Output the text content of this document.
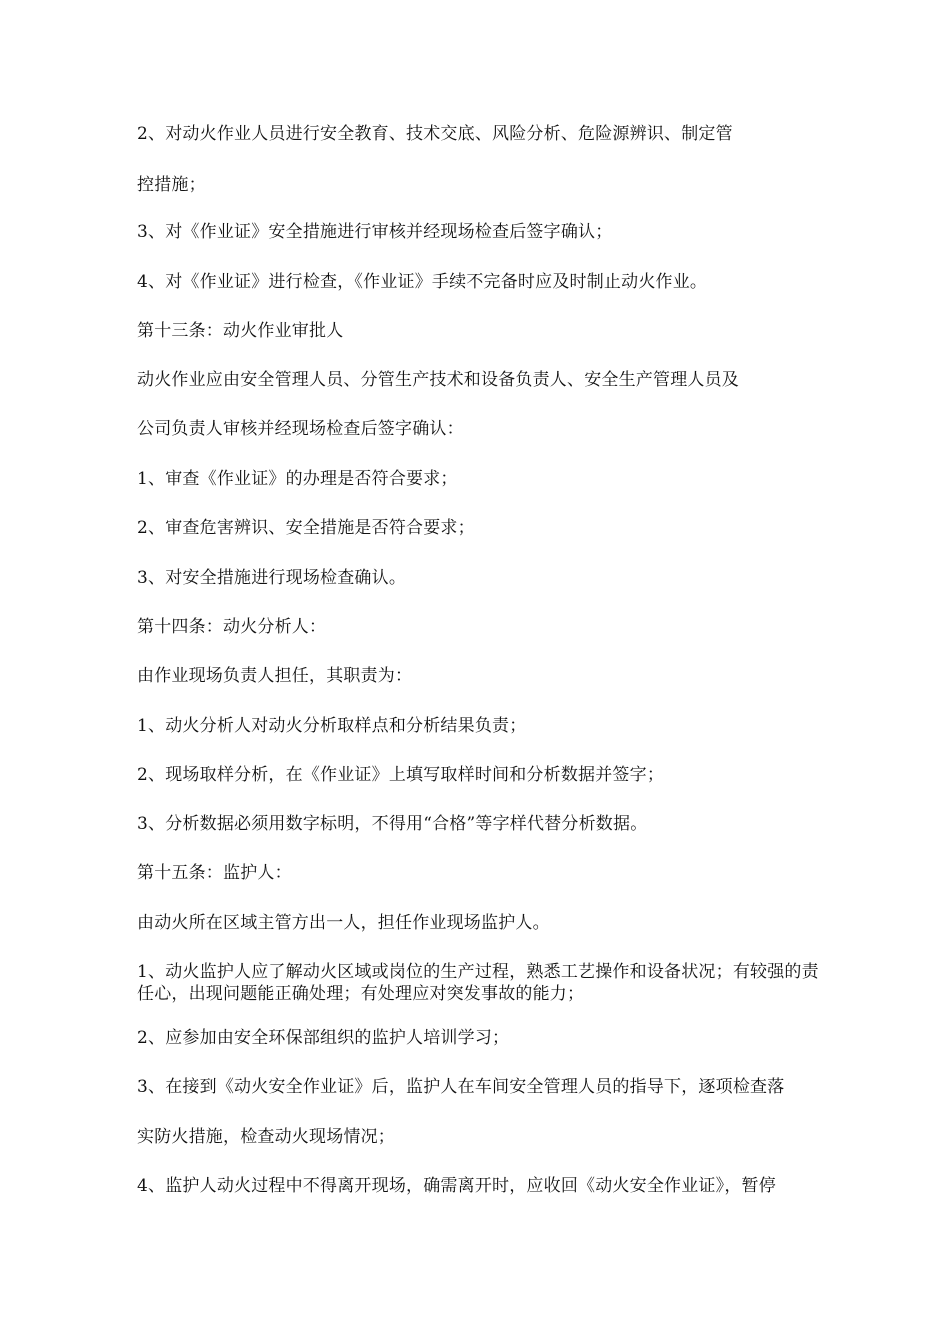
2、对动火作业人员进行安全教育、技术交底、风险分析、危险源辨识、制定管
控措施；
3、对《作业证》安全措施进行审核并经现场检查后签字确认；
4、对《作业证》进行检查，《作业证》手续不完备时应及时制止动火作业。
第十三条：动火作业审批人
动火作业应由安全管理人员、分管生产技术和设备负责人、安全生产管理人员及
公司负责人审核并经现场检查后签字确认：
1、审查《作业证》的办理是否符合要求；
2、审查危害辨识、安全措施是否符合要求；
3、对安全措施进行现场检查确认。
第十四条：动火分析人：
由作业现场负责人担任，其职责为：
1、动火分析人对动火分析取样点和分析结果负责；
2、现场取样分析，在《作业证》上填写取样时间和分析数据并签字；
3、分析数据必须用数字标明，不得用“合格”等字样代替分析数据。
第十五条：监护人：
由动火所在区域主管方出一人，担任作业现场监护人。
1、动火监护人应了解动火区域或岗位的生产过程，熟悉工艺操作和设备状况；有较强的责任心，出现问题能正确处理；有处理应对突发事故的能力；
2、应参加由安全环保部组织的监护人培训学习；
3、在接到《动火安全作业证》后，监护人在车间安全管理人员的指导下，逐项检查落
实防火措施，检查动火现场情况；
4、监护人动火过程中不得离开现场，确需离开时，应收回《动火安全作业证》，暂停
